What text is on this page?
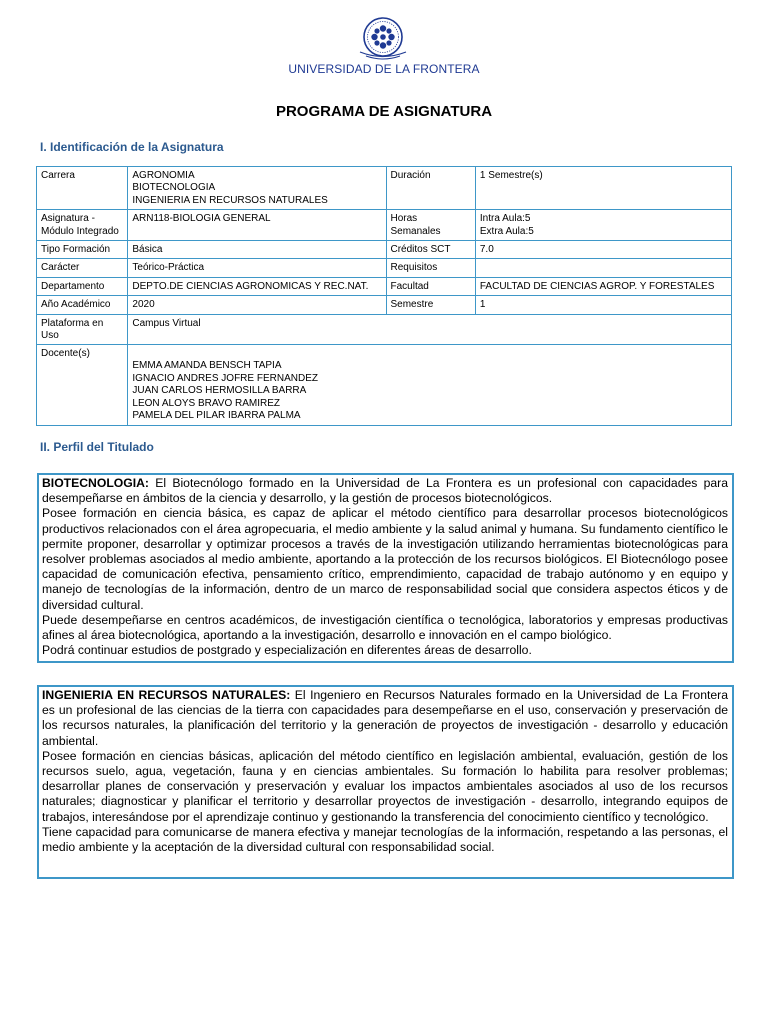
UNIVERSIDAD DE LA FRONTERA
PROGRAMA DE ASIGNATURA
I. Identificación de la Asignatura
Carrera	AGRONOMIA
BIOTECNOLOGIA
INGENIERIA EN RECURSOS NATURALES	Duración	1 Semestre(s)

Asignatura -
Módulo Integrado	ARN118-BIOLOGIA GENERAL	Horas
Semanales	Intra Aula:5
Extra Aula:5

Tipo Formación	Básica	Créditos SCT	7.0
Carácter	Teórico-Práctica	Requisitos	
Departamento	DEPTO.DE CIENCIAS AGRONOMICAS Y REC.NAT.	Facultad	FACULTAD DE CIENCIAS AGROP. Y FORESTALES
Año Académico	2020	Semestre	1

Plataforma en
Uso	Campus Virtual		
Docente(s)	EMMA AMANDA BENSCH TAPIA
IGNACIO ANDRES JOFRE FERNANDEZ
JUAN CARLOS HERMOSILLA BARRA
LEON ALOYS BRAVO RAMIREZ
PAMELA DEL PILAR IBARRA PALMA		
II. Perfil del Titulado

BIOTECNOLOGIA: El Biotecnólogo formado en la Universidad de La Frontera es un profesional con capacidades para desempeñarse en ámbitos de la ciencia y desarrollo, y la gestión de procesos biotecnológicos.

Posee formación en ciencia básica, es capaz de aplicar el método científico para desarrollar procesos biotecnológicos productivos relacionados con el área agropecuaria, el medio ambiente y la salud animal y humana. Su fundamento científico le permite proponer, desarrollar y optimizar procesos a través de la investigación utilizando herramientas biotecnológicas para resolver problemas asociados al medio ambiente, aportando a la protección de los recursos biológicos. El Biotecnólogo posee capacidad de comunicación efectiva, pensamiento crítico, emprendimiento, capacidad de trabajo autónomo y en equipo y manejo de tecnologías de la información, dentro de un marco de responsabilidad social que considera aspectos éticos y de diversidad cultural.

Puede desempeñarse en centros académicos, de investigación científica o tecnológica, laboratorios y empresas productivas afines al área biotecnológica, aportando a la investigación, desarrollo e innovación en el campo biológico.

Podrá continuar estudios de postgrado y especialización en diferentes áreas de desarrollo.

INGENIERIA EN RECURSOS NATURALES: El Ingeniero en Recursos Naturales formado en la Universidad de La Frontera es un profesional de las ciencias de la tierra con capacidades para desempeñarse en el uso, conservación y preservación de los recursos naturales, la planificación del territorio y la generación de proyectos de investigación - desarrollo y educación ambiental.

Posee formación en ciencias básicas, aplicación del método científico en legislación ambiental, evaluación, gestión de los recursos suelo, agua, vegetación, fauna y en ciencias ambientales. Su formación lo habilita para resolver problemas; desarrollar planes de conservación y preservación y evaluar los impactos ambientales asociados al uso de los recursos naturales; diagnosticar y planificar el territorio y desarrollar proyectos de investigación - desarrollo, integrando equipos de trabajos, interesándose por el aprendizaje continuo y gestionando la transferencia del conocimiento científico y tecnológico.

Tiene capacidad para comunicarse de manera efectiva y manejar tecnologías de la información, respetando a las personas, el medio ambiente y la aceptación de la diversidad cultural con responsabilidad social.
